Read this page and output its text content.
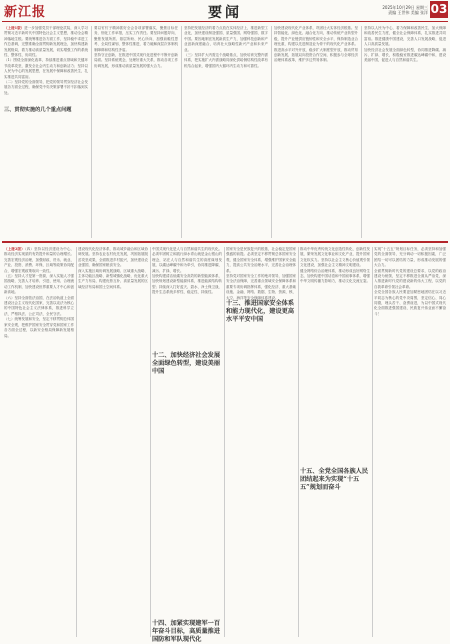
新江报	要闻	2025年10月29日 星期三
责编 王世伟 美编 张洋 03
（上接1版）进一步加强党员干部理论武装，深入学习贯彻习近平新时代中国特色社会主义思想，推动全会精神落地生根。要统筹推进各方面工作，坚持稳中求进工作总基调，完整准确全面贯彻新发展理念，加快构建新发展格局，着力推动高质量发展，切实增强工作的系统性、整体性、协同性。
（1）围绕全面深化改革，持续推进重点领域和关键环节改革攻坚，激发全社会内生动力和创新活力；坚持以人民为中心的发展思想，在发展中保障和改善民生，扎实推进共同富裕。
（二）坚持党的全面领导，把党的领导贯穿经济社会发展各方面全过程，确保党中央决策部署不折不扣落到实处。
三、贯彻实施的几个重点问题
要以钉钉子精神抓好全会各项部署落实，聚焦目标任务，细化工作举措，压实工作责任。要坚持问题导向，聚焦发展所需、基层所盼、民心所向，加强前瞻性思考、全局性谋划、整体性推进，着力破解深层次体制机制障碍和结构性矛盾。
坚持守正创新，在推进中国式现代化进程中不断开创新局面。坚持系统观念，处理好重大关系，推动各项工作协调发展，形成推动高质量发展的强大合力。
坚持把发展经济的着力点放在实体经济上，推进新型工业化，加快建设制造强国、质量强国、网络强国、数字中国。要因地制宜发展新质生产力，加强科技创新和产业创新深度融合，培育壮大战略性新兴产业和未来产业。
（三）坚持扩大内需这个战略基点，加快培育完整内需体系，把实施扩大内需战略同深化供给侧结构性改革有机结合起来，增强国内大循环内生动力和可靠性。
加快建设现代化产业体系，巩固壮大实体经济根基。坚持智能化、绿色化、融合化方向，推动传统产业转型升级，提升产业链供应链韧性和安全水平，保持制造业合理比重，构建以先进制造业为骨干的现代化产业体系。
推进高水平对外开放，稳步扩大制度型开放，推动贸易创新发展，拓展双向投资合作空间，积极参与全球经济治理体系改革，维护多边贸易体制。
坚持以人民为中心，着力保障和改善民生，加大保障和改善民生力度，健全社会保障体系，扎实推进共同富裕。推进健康中国建设，完善人口发展战略，促进人口高质量发展。
加快经济社会发展全面绿色转型，协同推进降碳、减污、扩绿、增长，积极稳妥推进碳达峰碳中和，建设美丽中国，促进人与自然和谐共生。
（上接2版）（四）坚持以经济建设为中心，推动经济实现质的有效提升和量的合理增长。完善宏观经济治理，加强财政、货币、就业、产业、投资、消费、环保、区域等政策协同配合，增强宏观政策取向一致性。
（五）坚持人才是第一资源，深入实施人才强国战略，完善人才培养、引进、使用、合理流动工作机制，加快建设世界重要人才中心和创新高地。
（六）坚持全面依法治国，在法治轨道上全面建设社会主义现代化国家，完善以宪法为核心的中国特色社会主义法律体系，推进科学立法、严格执法、公正司法、全民守法。
（七）统筹发展和安全，坚定不移贯彻总体国家安全观，把维护国家安全贯穿党和国家工作各方面全过程，以新安全格局保障新发展格局。
建设现代化经济体系，推动城乡融合和区域协调发展。坚持农业农村优先发展，巩固拓展脱贫攻坚成果，全面推进乡村振兴，加快建设农业强国，确保国家粮食安全。
深入实施区域协调发展战略、区域重大战略、主体功能区战略、新型城镇化战略，优化重大生产力布局，构建优势互补、高质量发展的区域经济布局和国土空间体系。
中国式现代化是人与自然和谐共生的现代化。必须牢固树立和践行绿水青山就是金山银山的理念，站在人与自然和谐共生的高度谋划发展，以碳达峰碳中和为牵引，协同推进降碳、减污、扩绿、增长。
加快构建清洁低碳安全高效的新型能源体系，加快规划建设新型能源体系，推进能源结构转型；持续深入打好蓝天、碧水、净土保卫战，提升生态系统多样性、稳定性、持续性。
十二、加快经济社会发展全面绿色转型，建设美丽中国
十四、加紧实现建军一百年奋斗目标，高质量推进国防和军队现代化
国家安全是民族复兴的根基，社会稳定是国家强盛的前提。必须坚定不移贯彻总体国家安全观，健全国家安全体系，增强维护国家安全能力，提高公共安全治理水平，完善社会治理体系。
坚持党对国家安全工作的绝对领导，加强国家安全法治保障，完善重点领域安全保障体系和重要专项协调指挥体系，强化经济、重大基础设施、金融、网络、数据、生物、资源、核、太空、海洋等安全保障体系建设。
十三、推进国家安全体系和能力现代化，建设更高水平平安中国
推动中华优秀传统文化创造性转化、创新性发展，繁荣发展文化事业和文化产业，提升国家文化软实力。坚持以社会主义核心价值观引领文化建设，加强社会主义精神文明建设。
健全网络综合治理体系，推动形成良好网络生态，加快构建中国话语和中国叙事体系，增强中华文明传播力影响力，推动文化交流互鉴。
十五、全党全国各族人民团结起来为实现“十五五”规划而奋斗
实现“十五五”规划目标任务，必须坚持和加强党的全面领导，充分调动一切积极因素，广泛团结一切可以团结的力量，形成推动发展的强大合力。
全面贯彻新时代党的建设总要求，以党的政治建设为统领，坚定不移推进全面从严治党，深入推进新时代党的建设新的伟大工程，以党的自我革命引领社会革命。
全党全国各族人民要更加紧密地团结在以习近平同志为核心的党中央周围，坚定信心、同心同德，埋头苦干、奋勇前进，为以中国式现代化全面推进强国建设、民族复兴伟业而不懈奋斗！
